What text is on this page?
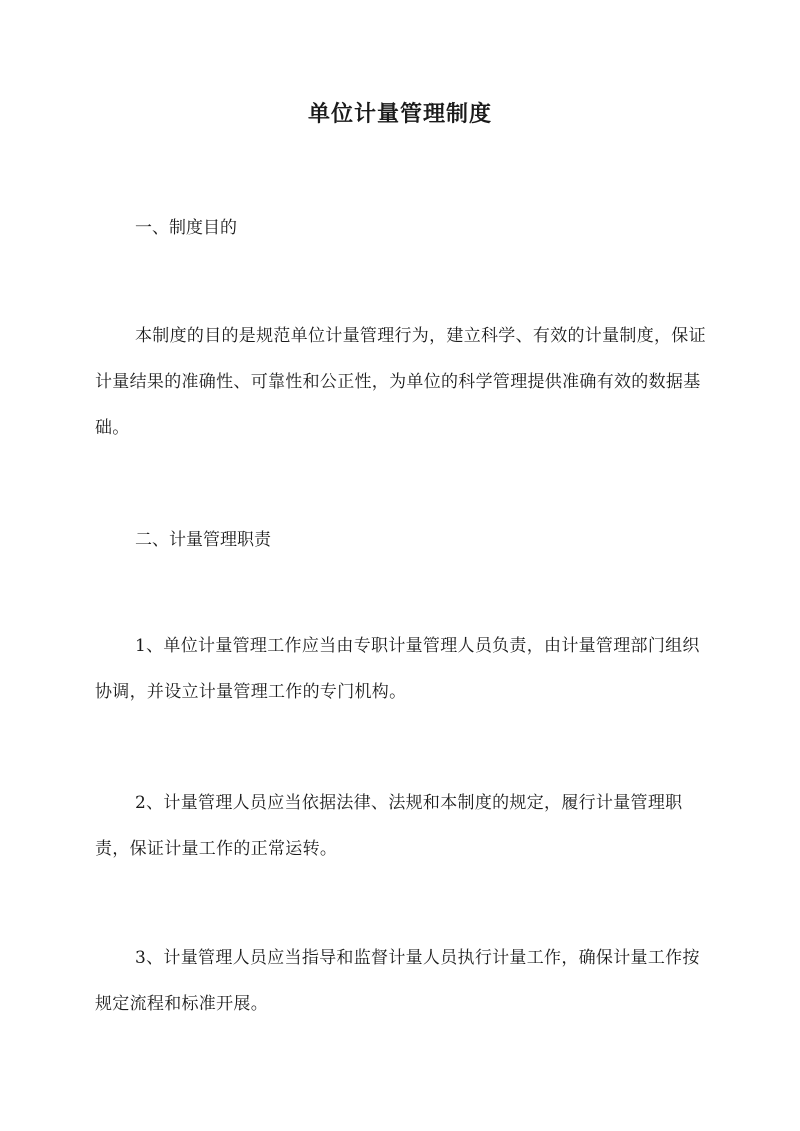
单位计量管理制度
一、制度目的
本制度的目的是规范单位计量管理行为，建立科学、有效的计量制度，保证计量结果的准确性、可靠性和公正性，为单位的科学管理提供准确有效的数据基础。
二、计量管理职责
1、单位计量管理工作应当由专职计量管理人员负责，由计量管理部门组织协调，并设立计量管理工作的专门机构。
2、计量管理人员应当依据法律、法规和本制度的规定，履行计量管理职责，保证计量工作的正常运转。
3、计量管理人员应当指导和监督计量人员执行计量工作，确保计量工作按规定流程和标准开展。
